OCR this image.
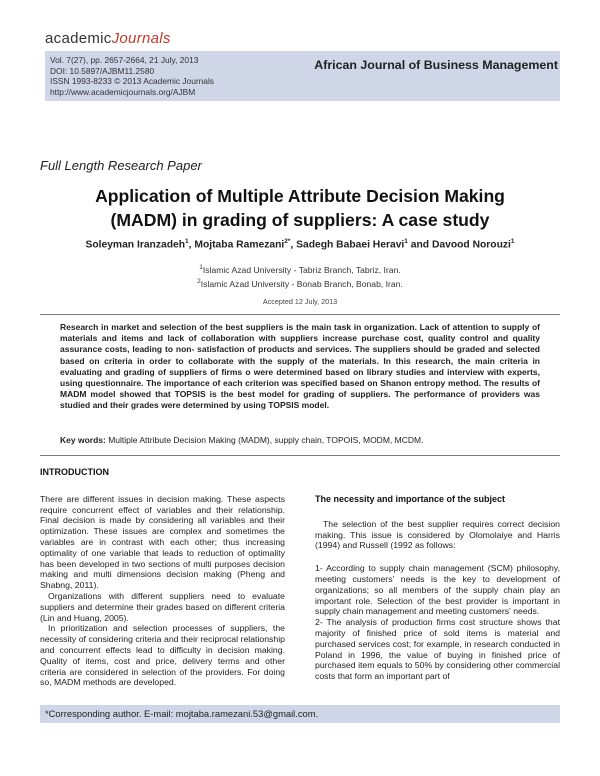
academicJournals
Vol. 7(27), pp. 2657-2664, 21 July, 2013
DOI: 10.5897/AJBM11.2580
ISSN 1993-8233 © 2013 Academic Journals
http://www.academicjournals.org/AJBM
African Journal of Business Management
Full Length Research Paper
Application of Multiple Attribute Decision Making
(MADM) in grading of suppliers: A case study
Soleyman Iranzadeh$^1$, Mojtaba Ramezani$^{2*}$, Sadegh Babaei Heravi$^1$ and Davood Norouzi$^1$
$^1$Islamic Azad University - Tabriz Branch, Tabriz, Iran.
$^2$Islamic Azad University - Bonab Branch, Bonab, Iran.
Accepted 12 July, 2013
Research in market and selection of the best suppliers is the main task in organization. Lack of attention to supply of materials and items and lack of collaboration with suppliers increase purchase cost, quality control and quality assurance costs, leading to non- satisfaction of products and services. The suppliers should be graded and selected based on criteria in order to collaborate with the supply of the materials. In this research, the main criteria in evaluating and grading of suppliers of firms o were determined based on library studies and interview with experts, using questionnaire. The importance of each criterion was specified based on Shanon entropy method. The results of MADM model showed that TOPSIS is the best model for grading of suppliers. The performance of providers was studied and their grades were determined by using TOPSIS model.
Key words: Multiple Attribute Decision Making (MADM), supply chain, TOPOIS, MODM, MCDM.
INTRODUCTION

There are different issues in decision making. These aspects require concurrent effect of variables and their relationship. Final decision is made by considering all variables and their optimization. These issues are complex and sometimes the variables are in contrast with each other; thus increasing optimality of one variable that leads to reduction of optimality has been developed in two sections of multi purposes decision making and multi dimensions decision making (Pheng and Shabng, 2011).

Organizations with different suppliers need to evaluate suppliers and determine their grades based on different criteria (Lin and Huang, 2005).

In prioritization and selection processes of suppliers, the necessity of considering criteria and their reciprocal relationship and concurrent effects lead to difficulty in decision making. Quality of items, cost and price, delivery terms and other criteria are considered in selection of the providers. For doing so, MADM methods are developed.

The necessity and importance of the subject

The selection of the best supplier requires correct decision making. This issue is considered by Olomolaiye and Harris (1994) and Russell (1992 as follows:

1- According to supply chain management (SCM) philosophy, meeting customers' needs is the key to development of organizations; so all members of the supply chain play an important role. Selection of the best provider is important in supply chain management and meeting customers' needs.

2- The analysis of production firms cost structure shows that majority of finished price of sold items is material and purchased services cost; for example, in research conducted in Poland in 1996, the value of buying in finished price of purchased item equals to 50% by considering other commercial costs that form an important part of

*Corresponding author. E-mail: mojtaba.ramezani.53@gmail.com.
